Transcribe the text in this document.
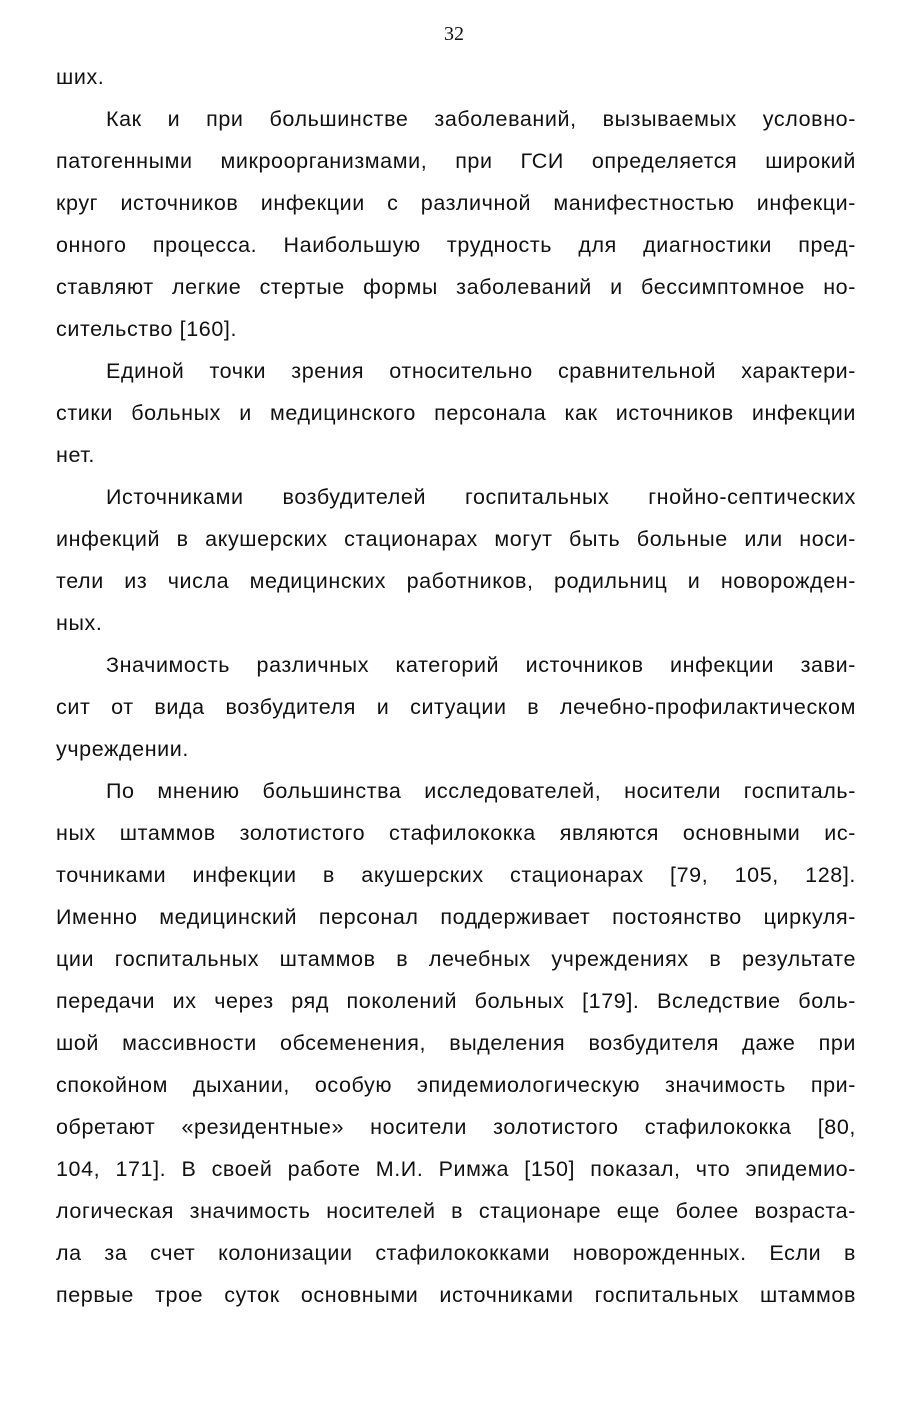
32
ших.
Как и при большинстве заболеваний, вызываемых условно-
патогенными микроорганизмами, при ГСИ определяется широкий
круг источников инфекции с различной манифестностью инфекци-
онного процесса. Наибольшую трудность для диагностики пред-
ставляют легкие стертые формы заболеваний и бессимптомное но-
сительство [160].
Единой точки зрения относительно сравнительной характери-
стики больных и медицинского персонала как источников инфекции
нет.
Источниками возбудителей госпитальных гнойно-септических
инфекций в акушерских стационарах могут быть больные или носи-
тели из числа медицинских работников, родильниц и новорожден-
ных.
Значимость различных категорий источников инфекции зави-
сит от вида возбудителя и ситуации в лечебно-профилактическом
учреждении.
По мнению большинства исследователей, носители госпиталь-
ных штаммов золотистого стафилококка являются основными ис-
точниками инфекции в акушерских стационарах [79, 105, 128].
Именно медицинский персонал поддерживает постоянство циркуля-
ции госпитальных штаммов в лечебных учреждениях в результате
передачи их через ряд поколений больных [179]. Вследствие боль-
шой массивности обсеменения, выделения возбудителя даже при
спокойном дыхании, особую эпидемиологическую значимость при-
обретают «резидентные» носители золотистого стафилококка [80,
104, 171]. В своей работе М.И. Римжа [150] показал, что эпидемио-
логическая значимость носителей в стационаре еще более возраста-
ла за счет колонизации стафилококками новорожденных. Если в
первые трое суток основными источниками госпитальных штаммов
